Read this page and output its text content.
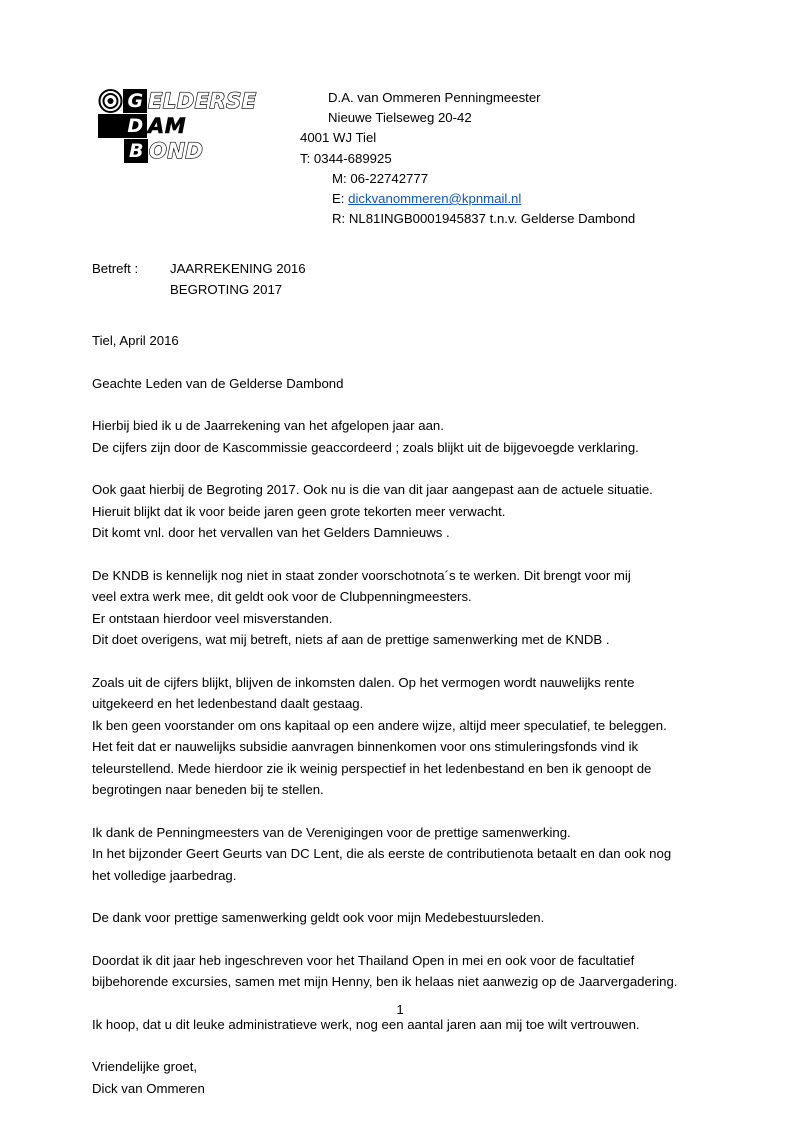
G ELDERSE
D AM
B OND
D.A. van Ommeren Penningmeester
Nieuwe Tielseweg 20-42
4001 WJ Tiel
T: 0344-689925
M: 06-22742777
E: dickvanommeren@kpnmail.nl
R: NL81INGB0001945837 t.n.v. Gelderse Dambond
Betreft :	JAARREKENING 2016
BEGROTING 2017

Tiel, April 2016

Geachte Leden van de Gelderse Dambond

Hierbij bied ik u de Jaarrekening van het afgelopen jaar aan.
De cijfers zijn door de Kascommissie geaccordeerd ; zoals blijkt uit de bijgevoegde verklaring.

Ook gaat hierbij de Begroting 2017. Ook nu is die van dit jaar aangepast aan de actuele situatie.
Hieruit blijkt dat ik voor beide jaren geen grote tekorten meer verwacht.
Dit komt vnl. door het vervallen van het Gelders Damnieuws .

De KNDB is kennelijk nog niet in staat zonder voorschotnota´s te werken. Dit brengt voor mij
veel extra werk mee, dit geldt ook voor de Clubpenningmeesters.
Er ontstaan hierdoor veel misverstanden.
Dit doet overigens, wat mij betreft, niets af aan de prettige samenwerking met de KNDB .

Zoals uit de cijfers blijkt, blijven de inkomsten dalen. Op het vermogen wordt nauwelijks rente
uitgekeerd en het ledenbestand daalt gestaag.
Ik ben geen voorstander om ons kapitaal op een andere wijze, altijd meer speculatief, te beleggen.
Het feit dat er nauwelijks subsidie aanvragen binnenkomen voor ons stimuleringsfonds vind ik
teleurstellend. Mede hierdoor zie ik weinig perspectief in het ledenbestand en ben ik genoopt de
begrotingen naar beneden bij te stellen.

Ik dank de Penningmeesters van de Verenigingen voor de prettige samenwerking.
In het bijzonder Geert Geurts van DC Lent, die als eerste de contributienota betaalt en dan ook nog
het volledige jaarbedrag.

De dank voor prettige samenwerking geldt ook voor mijn Medebestuursleden.

Doordat ik dit jaar heb ingeschreven voor het Thailand Open in mei en ook voor de facultatief
bijbehorende excursies, samen met mijn Henny, ben ik helaas niet aanwezig op de Jaarvergadering.

Ik hoop, dat u dit leuke administratieve werk, nog een aantal jaren aan mij toe wilt vertrouwen.

Vriendelijke groet,
Dick van Ommeren

1
